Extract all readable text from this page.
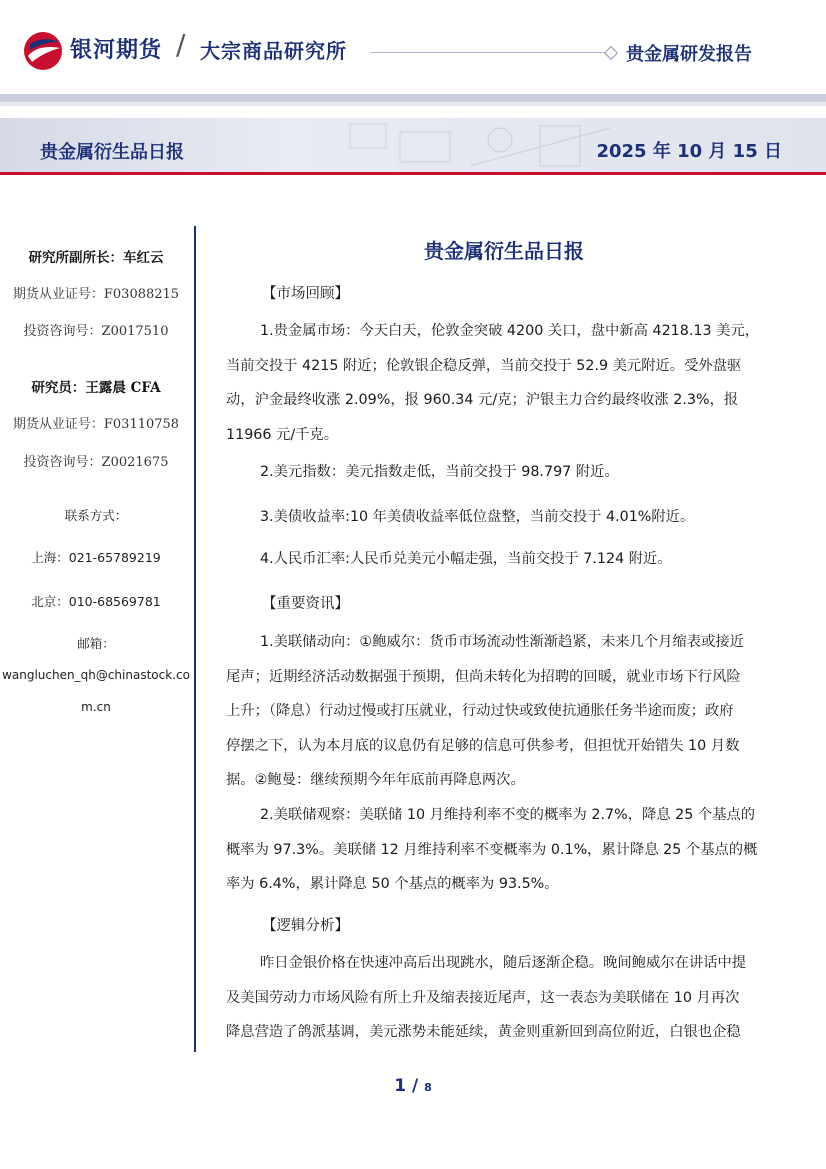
银河期货 / 大宗商品研究所	贵金属研发报告
贵金属衍生品日报	2025 年 10 月 15 日
研究所副所长：车红云
期货从业证号：F03088215
投资咨询号：Z0017510
研究员：王露晨 CFA
期货从业证号：F03110758
投资咨询号：Z0021675
联系方式：
上海：021-65789219
北京：010-68569781
邮箱：
wangluchen_qh@chinastock.co
m.cn
贵金属衍生品日报
【市场回顾】
1.贵金属市场：今天白天，伦敦金突破 4200 关口，盘中新高 4218.13 美元，
当前交投于 4215 附近；伦敦银企稳反弹，当前交投于 52.9 美元附近。受外盘驱
动，沪金最终收涨 2.09%，报 960.34 元/克；沪银主力合约最终收涨 2.3%，报
11966 元/千克。
2.美元指数：美元指数走低，当前交投于 98.797 附近。
3.美债收益率:10 年美债收益率低位盘整，当前交投于 4.01%附近。
4.人民币汇率:人民币兑美元小幅走强，当前交投于 7.124 附近。
【重要资讯】
1.美联储动向：①鲍威尔：货币市场流动性渐渐趋紧，未来几个月缩表或接近
尾声；近期经济活动数据强于预期，但尚未转化为招聘的回暖，就业市场下行风险
上升；（降息）行动过慢或打压就业，行动过快或致使抗通胀任务半途而废；政府
停摆之下，认为本月底的议息仍有足够的信息可供参考，但担忧开始错失 10 月数
据。②鲍曼：继续预期今年年底前再降息两次。
2.美联储观察：美联储 10 月维持利率不变的概率为 2.7%，降息 25 个基点的
概率为 97.3%。美联储 12 月维持利率不变概率为 0.1%，累计降息 25 个基点的概
率为 6.4%，累计降息 50 个基点的概率为 93.5%。
【逻辑分析】
昨日金银价格在快速冲高后出现跳水，随后逐渐企稳。晚间鲍威尔在讲话中提
及美国劳动力市场风险有所上升及缩表接近尾声，这一表态为美联储在 10 月再次
降息营造了鸽派基调，美元涨势未能延续，黄金则重新回到高位附近，白银也企稳
1 / 8
